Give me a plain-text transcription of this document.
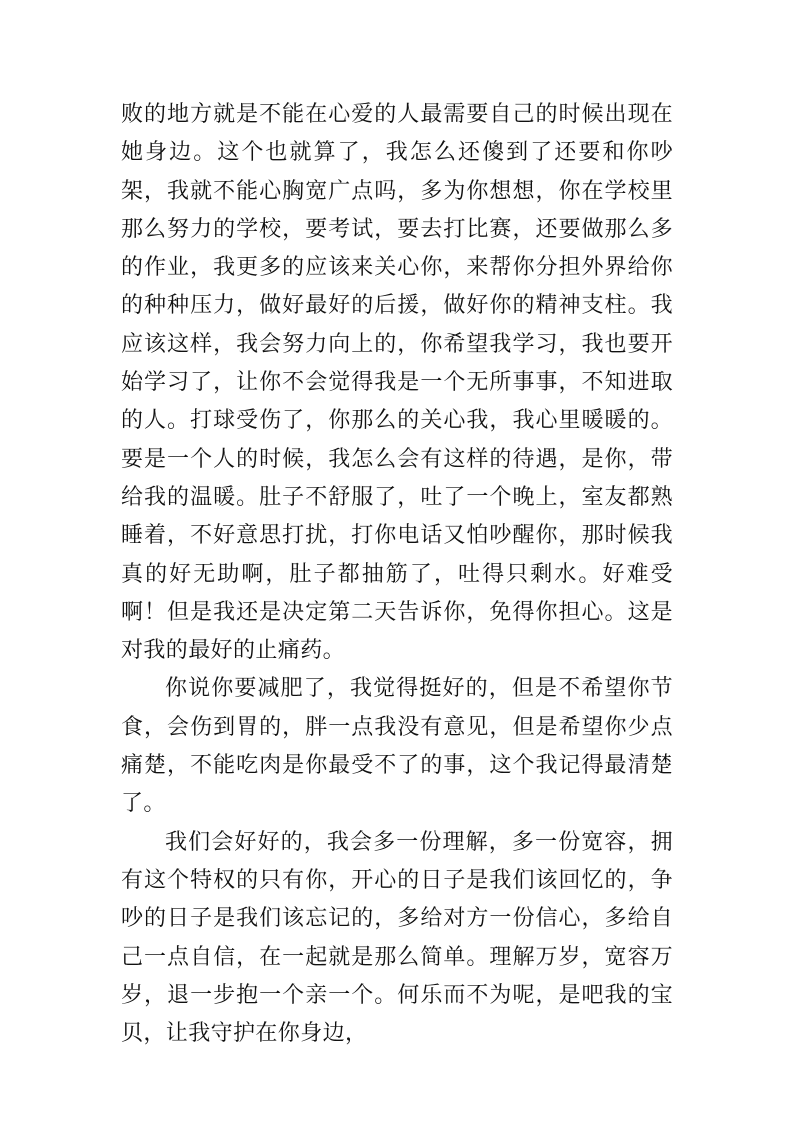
败的地方就是不能在心爱的人最需要自己的时候出现在她身边。这个也就算了，我怎么还傻到了还要和你吵架，我就不能心胸宽广点吗，多为你想想，你在学校里那么努力的学校，要考试，要去打比赛，还要做那么多的作业，我更多的应该来关心你，来帮你分担外界给你的种种压力，做好最好的后援，做好你的精神支柱。我应该这样，我会努力向上的，你希望我学习，我也要开始学习了，让你不会觉得我是一个无所事事，不知进取的人。打球受伤了，你那么的关心我，我心里暖暖的。要是一个人的时候，我怎么会有这样的待遇，是你，带给我的温暖。肚子不舒服了，吐了一个晚上，室友都熟睡着，不好意思打扰，打你电话又怕吵醒你，那时候我真的好无助啊，肚子都抽筋了，吐得只剩水。好难受啊！但是我还是决定第二天告诉你，免得你担心。这是对我的最好的止痛药。

你说你要减肥了，我觉得挺好的，但是不希望你节食，会伤到胃的，胖一点我没有意见，但是希望你少点痛楚，不能吃肉是你最受不了的事，这个我记得最清楚了。

我们会好好的，我会多一份理解，多一份宽容，拥有这个特权的只有你，开心的日子是我们该回忆的，争吵的日子是我们该忘记的，多给对方一份信心，多给自己一点自信，在一起就是那么简单。理解万岁，宽容万岁，退一步抱一个亲一个。何乐而不为呢，是吧我的宝贝，让我守护在你身边，
